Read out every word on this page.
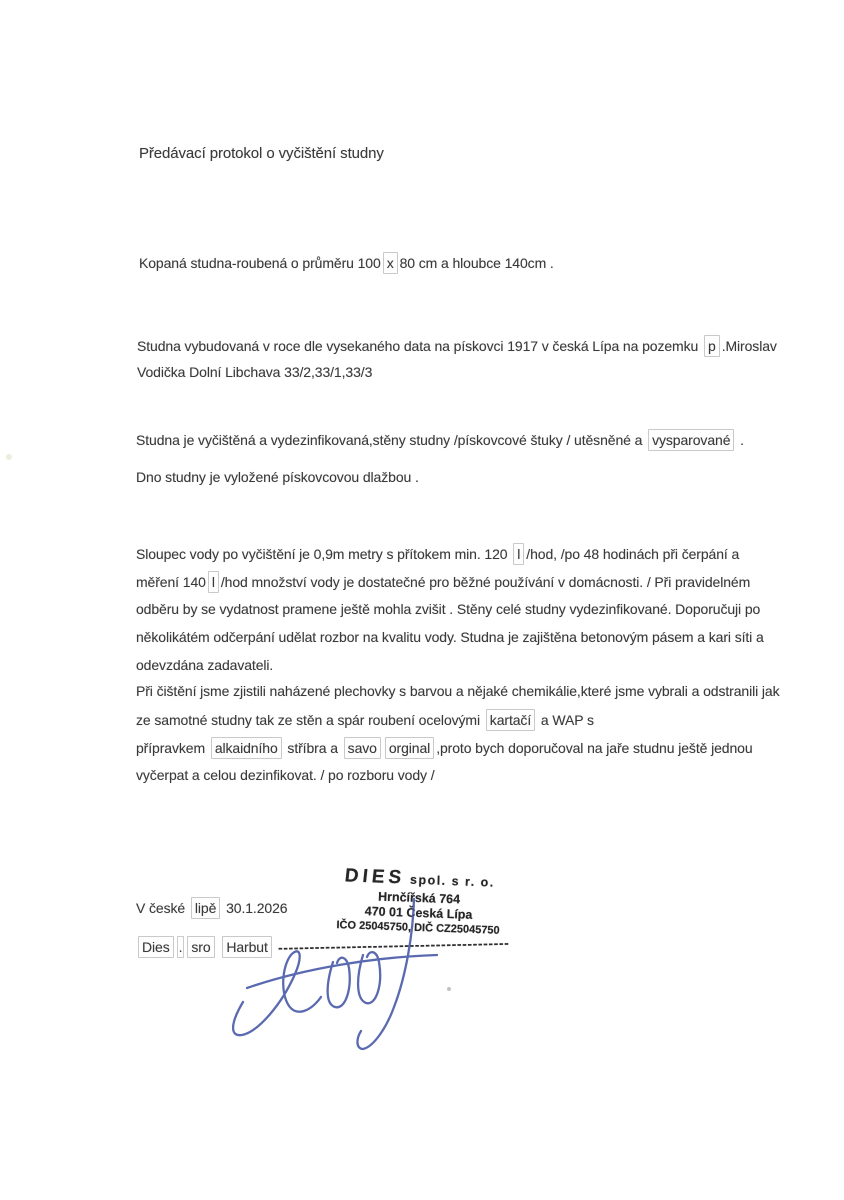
Předávací protokol o vyčištění studny
Kopaná studna-roubená o průměru 100 x 80 cm a hloubce 140cm .
Studna vybudovaná v roce dle vysekaného data na pískovci 1917 v česká Lípa na pozemku p .Miroslav
Vodička Dolní Libchava 33/2,33/1,33/3
Studna je vyčištěná a vydezinfikovaná,stěny studny /pískovcové štuky / utěsněné a vysparované .
Dno studny je vyložené pískovcovou dlažbou .
Sloupec vody po vyčištění je 0,9m metry s přítokem min. 120 l /hod, /po 48 hodinách při čerpání a
měření 140 l /hod množství vody je dostatečné pro běžné používání v domácnosti. / Při pravidelném
odběru by se vydatnost pramene ještě mohla zvišit . Stěny celé studny vydezinfikované. Doporučuji po
několikátém odčerpání udělat rozbor na kvalitu vody. Studna je zajištěna betonovým pásem a kari síti a
odevzdána zadavateli.
Při čištění jsme zjistili naházené plechovky s barvou a nějaké chemikálie,které jsme vybrali a odstranili jak
ze samotné studny tak ze stěn a spár roubení ocelovými kartačí a WAP s
přípravkem alkaidního stříbra a savo orginal ,proto bych doporučoval na jaře studnu ještě jednou
vyčerpat a celou dezinfikovat. / po rozboru vody /
V české lipě 30.1.2026
Dies . sro Harbut --------------------------------------------
DIES spol. s r. o.
Hrnčířská 764
470 01 Česká Lípa
IČO 25045750, DIČ CZ25045750
